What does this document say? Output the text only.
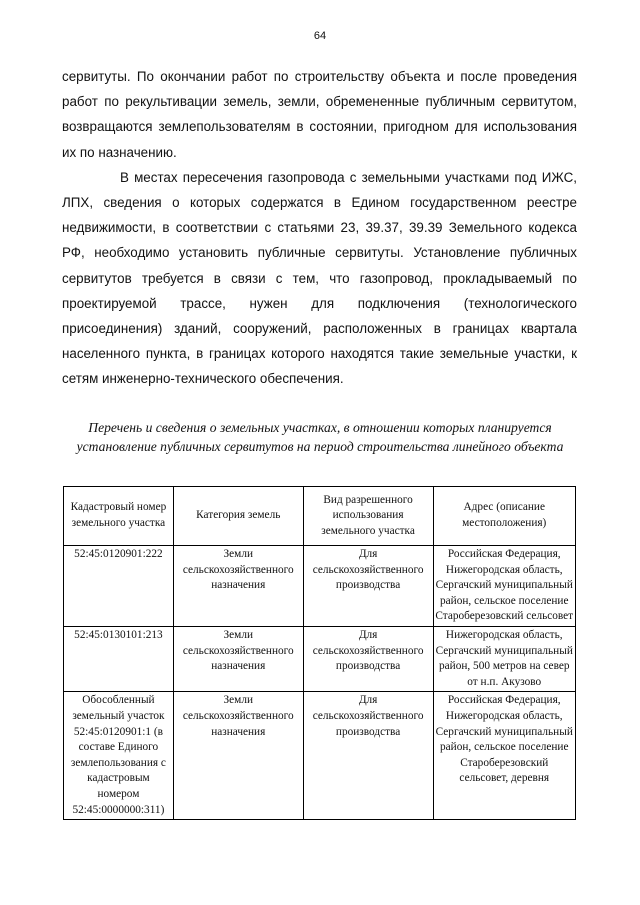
64

сервитуты. По окончании работ по строительству объекта и после проведения работ по рекультивации земель, земли, обремененные публичным сервитутом, возвращаются землепользователям в состоянии, пригодном для использования их по назначению.

В местах пересечения газопровода с земельными участками под ИЖС, ЛПХ, сведения о которых содержатся в Едином государственном реестре недвижимости, в соответствии с статьями 23, 39.37, 39.39 Земельного кодекса РФ, необходимо установить публичные сервитуты. Установление публичных сервитутов требуется в связи с тем, что газопровод, прокладываемый по проектируемой трассе, нужен для подключения (технологического присоединения) зданий, сооружений, расположенных в границах квартала населенного пункта, в границах которого находятся такие земельные участки, к сетям инженерно-технического обеспечения.

Перечень и сведения о земельных участках, в отношении которых планируется установление публичных сервитутов на период строительства линейного объекта
Кадастровый номер земельного участка	Категория земель	Вид разрешенного использования земельного участка	Адрес (описание местоположения)
52:45:0120901:222	Земли сельскохозяйственного назначения	Для сельскохозяйственного производства	Российская Федерация, Нижегородская область, Сергачский муниципальный район, сельское поселение Староберезовский сельсовет
52:45:0130101:213	Земли сельскохозяйственного назначения	Для сельскохозяйственного производства	Нижегородская область, Сергачский муниципальный район, 500 метров на север от н.п. Акузово
Обособленный земельный участок 52:45:0120901:1 (в составе Единого землепользования с кадастровым номером 52:45:0000000:311)	Земли сельскохозяйственного назначения	Для сельскохозяйственного производства	Российская Федерация, Нижегородская область, Сергачский муниципальный район, сельское поселение Староберезовский сельсовет, деревня
